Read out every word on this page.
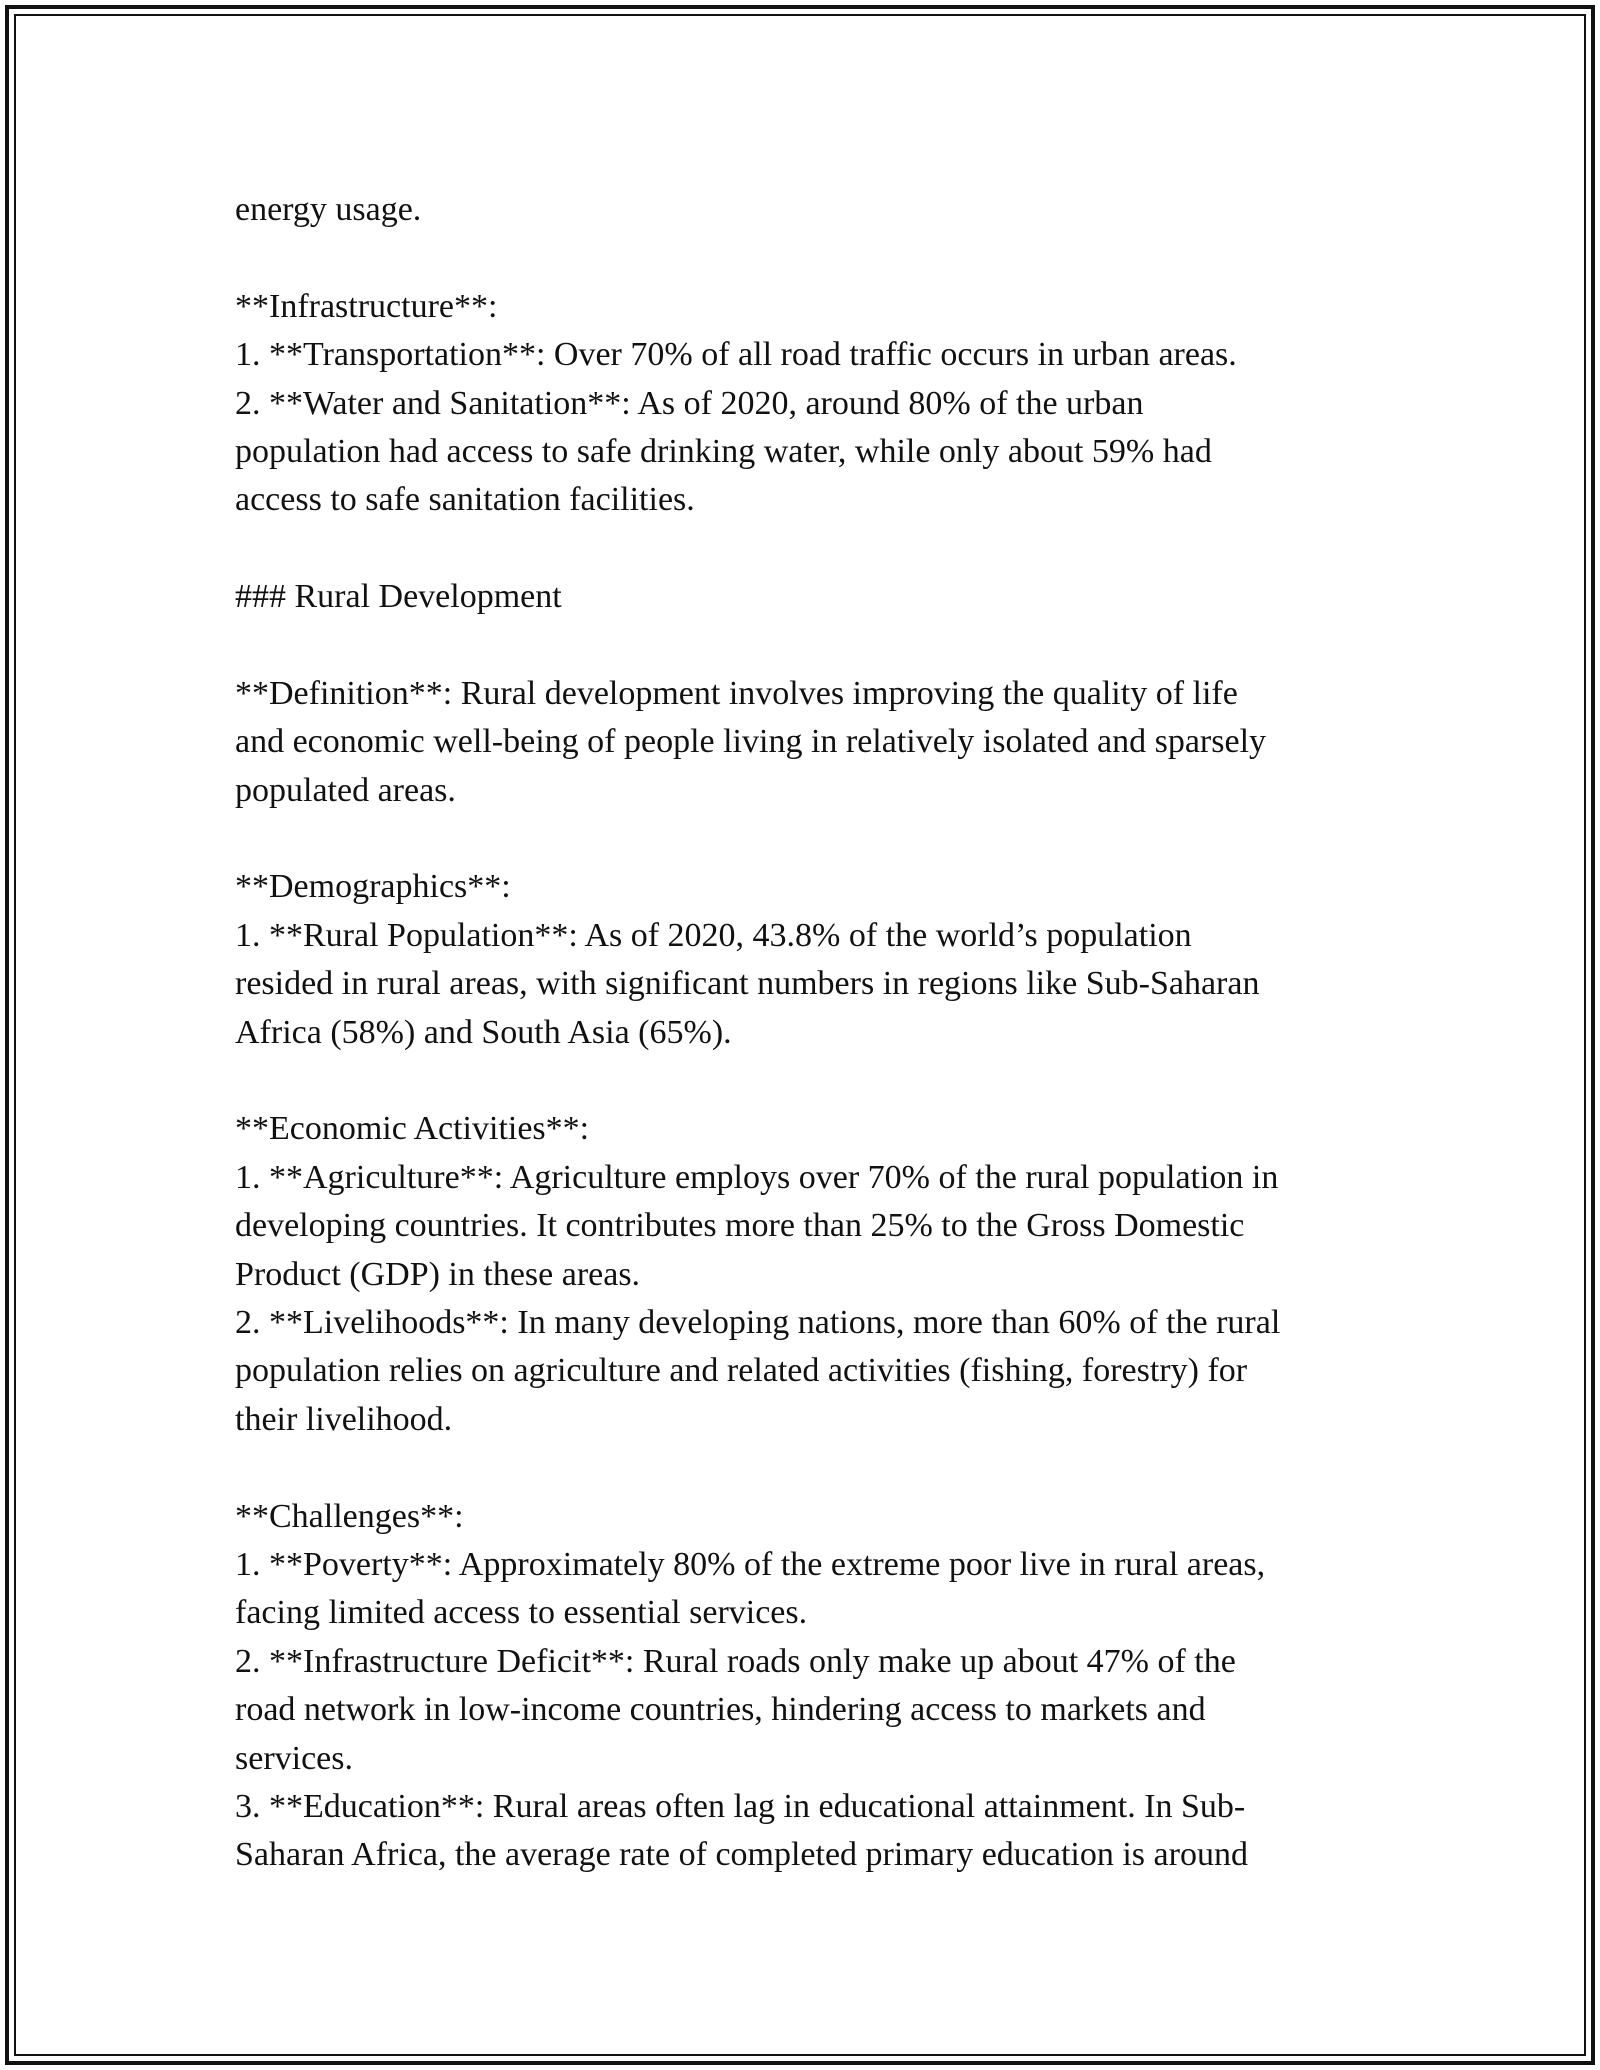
energy usage.
**Infrastructure**:
1. **Transportation**: Over 70% of all road traffic occurs in urban areas.
2. **Water and Sanitation**: As of 2020, around 80% of the urban
population had access to safe drinking water, while only about 59% had
access to safe sanitation facilities.
### Rural Development
**Definition**: Rural development involves improving the quality of life
and economic well-being of people living in relatively isolated and sparsely
populated areas.
**Demographics**:
1. **Rural Population**: As of 2020, 43.8% of the world’s population
resided in rural areas, with significant numbers in regions like Sub-Saharan
Africa (58%) and South Asia (65%).
**Economic Activities**:
1. **Agriculture**: Agriculture employs over 70% of the rural population in
developing countries. It contributes more than 25% to the Gross Domestic
Product (GDP) in these areas.
2. **Livelihoods**: In many developing nations, more than 60% of the rural
population relies on agriculture and related activities (fishing, forestry) for
their livelihood.
**Challenges**:
1. **Poverty**: Approximately 80% of the extreme poor live in rural areas,
facing limited access to essential services.
2. **Infrastructure Deficit**: Rural roads only make up about 47% of the
road network in low-income countries, hindering access to markets and
services.
3. **Education**: Rural areas often lag in educational attainment. In Sub-
Saharan Africa, the average rate of completed primary education is around
